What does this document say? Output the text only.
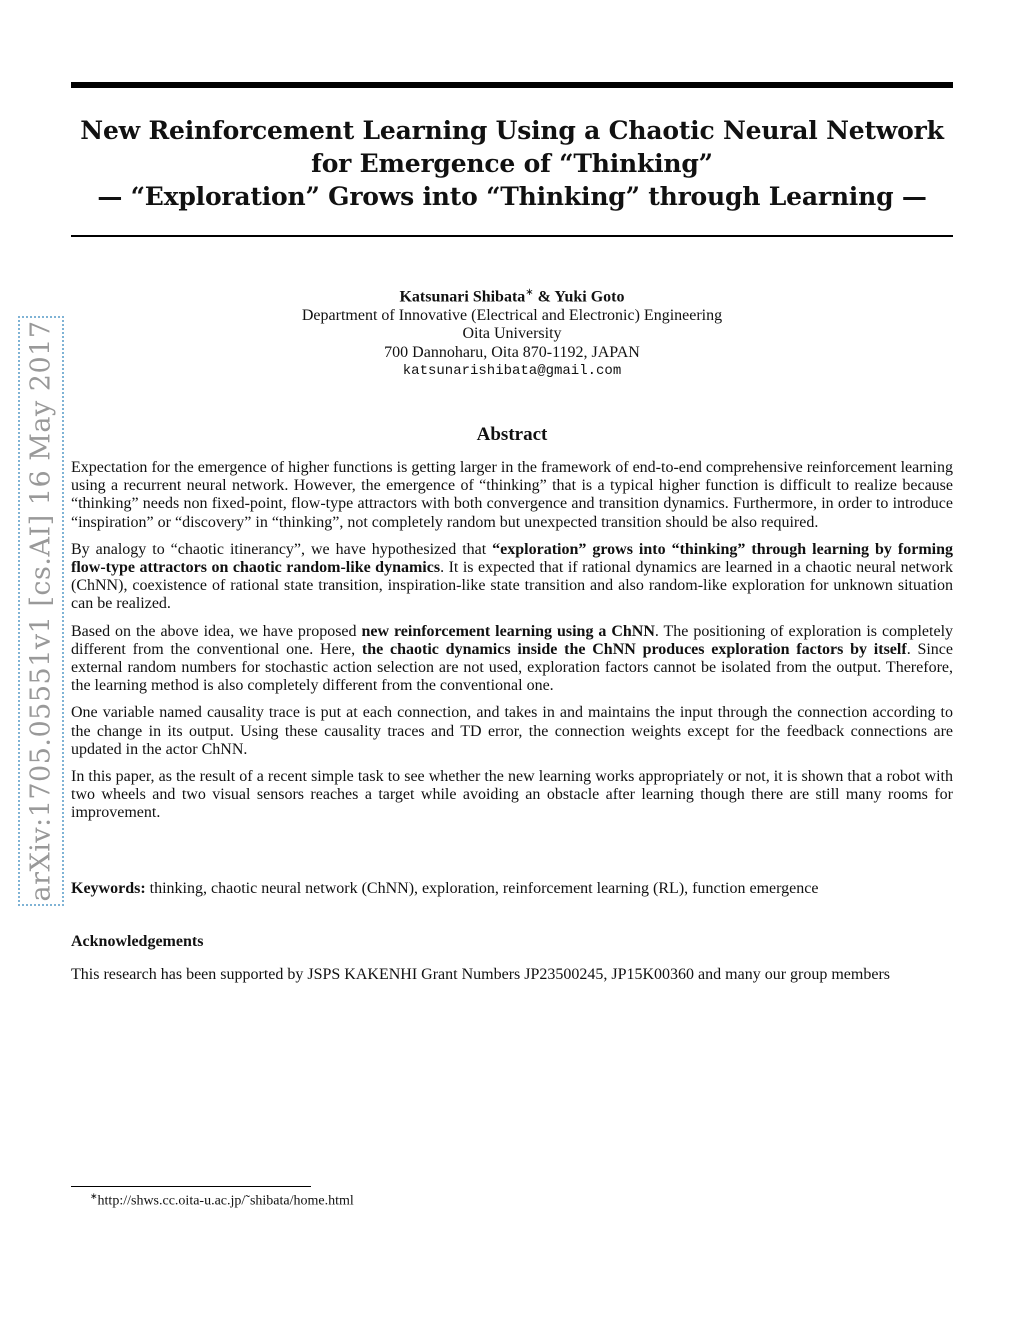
New Reinforcement Learning Using a Chaotic Neural Network
for Emergence of “Thinking”
— “Exploration” Grows into “Thinking” through Learning —
Katsunari Shibata∗ & Yuki Goto
Department of Innovative (Electrical and Electronic) Engineering
Oita University
700 Dannoharu, Oita 870-1192, JAPAN
katsunarishibata@gmail.com
Abstract

Expectation for the emergence of higher functions is getting larger in the framework of end-to-end comprehensive reinforcement learning using a recurrent neural network. However, the emergence of “thinking” that is a typical higher function is difficult to realize because “thinking” needs non fixed-point, flow-type attractors with both convergence and transition dynamics. Furthermore, in order to introduce “inspiration” or “discovery” in “thinking”, not completely random but unexpected transition should be also required.

By analogy to “chaotic itinerancy”, we have hypothesized that “exploration” grows into “thinking” through learning by forming flow-type attractors on chaotic random-like dynamics. It is expected that if rational dynamics are learned in a chaotic neural network (ChNN), coexistence of rational state transition, inspiration-like state transition and also random-like exploration for unknown situation can be realized.

Based on the above idea, we have proposed new reinforcement learning using a ChNN. The positioning of exploration is completely different from the conventional one. Here, the chaotic dynamics inside the ChNN produces exploration factors by itself. Since external random numbers for stochastic action selection are not used, exploration factors cannot be isolated from the output. Therefore, the learning method is also completely different from the conventional one.

One variable named causality trace is put at each connection, and takes in and maintains the input through the connection according to the change in its output. Using these causality traces and TD error, the connection weights except for the feedback connections are updated in the actor ChNN.

In this paper, as the result of a recent simple task to see whether the new learning works appropriately or not, it is shown that a robot with two wheels and two visual sensors reaches a target while avoiding an obstacle after learning though there are still many rooms for improvement.

Keywords: thinking, chaotic neural network (ChNN), exploration, reinforcement learning (RL), function emergence
Acknowledgements
This research has been supported by JSPS KAKENHI Grant Numbers JP23500245, JP15K00360 and many our group members
∗http://shws.cc.oita-u.ac.jp/˜shibata/home.html
arXiv:1705.05551v1 [cs.AI] 16 May 2017
